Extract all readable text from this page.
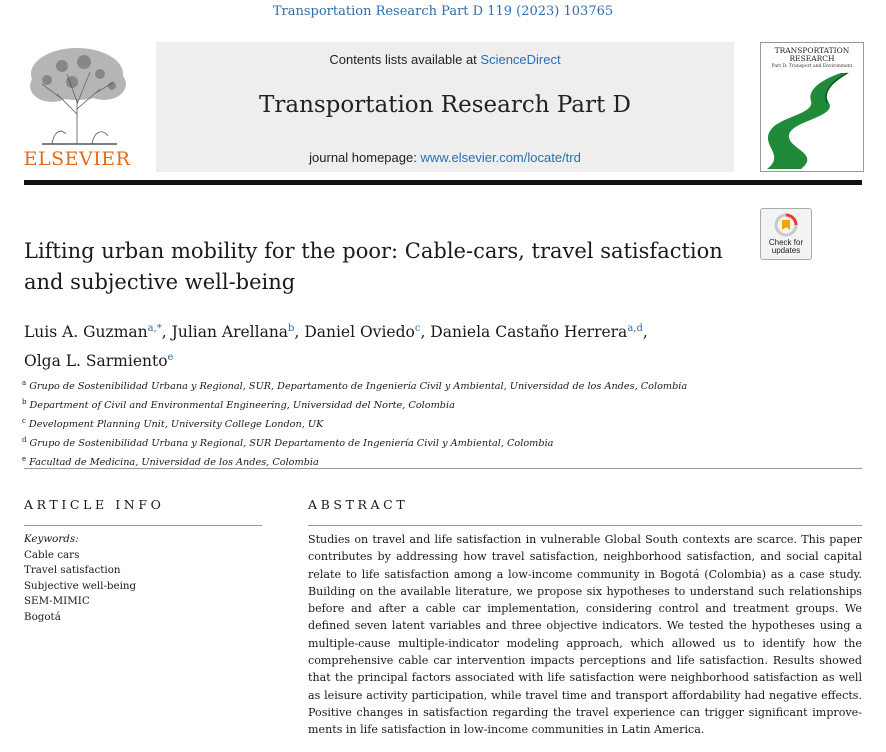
Transportation Research Part D 119 (2023) 103765
ELSEVIER
Contents lists available at ScienceDirect
Transportation Research Part D
journal homepage: www.elsevier.com/locate/trd
TRANSPORTATION
RESEARCH
Part D: Transport and Environment
Check for
updates
Lifting urban mobility for the poor: Cable-cars, travel satisfaction and subjective well-being
Luis A. Guzman$^{a,*}$, Julian Arellana$^b$, Daniel Oviedo$^c$, Daniela Castaño Herrera$^{a,d}$,
Olga L. Sarmiento$^e$
$^a$ Grupo de Sostenibilidad Urbana y Regional, SUR, Departamento de Ingeniería Civil y Ambiental, Universidad de los Andes, Colombia
$^b$ Department of Civil and Environmental Engineering, Universidad del Norte, Colombia
$^c$ Development Planning Unit, University College London, UK
$^d$ Grupo de Sostenibilidad Urbana y Regional, SUR Departamento de Ingeniería Civil y Ambiental, Colombia
$^e$ Facultad de Medicina, Universidad de los Andes, Colombia
ARTICLE INFO	ABSTRACT
Keywords:
Cable cars
Travel satisfaction
Subjective well-being
SEM-MIMIC
Bogotá
Studies on travel and life satisfaction in vulnerable Global South contexts are scarce. This paper contributes by addressing how travel satisfaction, neighborhood satisfaction, and social capital relate to life satisfaction among a low-income community in Bogotá (Colombia) as a case study. Building on the available literature, we propose six hypotheses to understand such relationships before and after a cable car implementation, considering control and treatment groups. We defined seven latent variables and three objective indicators. We tested the hypotheses using a multiple-cause multiple-indicator modeling approach, which allowed us to identify how the comprehensive cable car intervention impacts perceptions and life satisfaction. Results showed that the principal factors associated with life satisfaction were neighborhood satisfaction as well as leisure activity participation, while travel time and transport affordability had negative effects. Positive changes in satisfaction regarding the travel experience can trigger significant improvements in life satisfaction in low-income communities in Latin America.
